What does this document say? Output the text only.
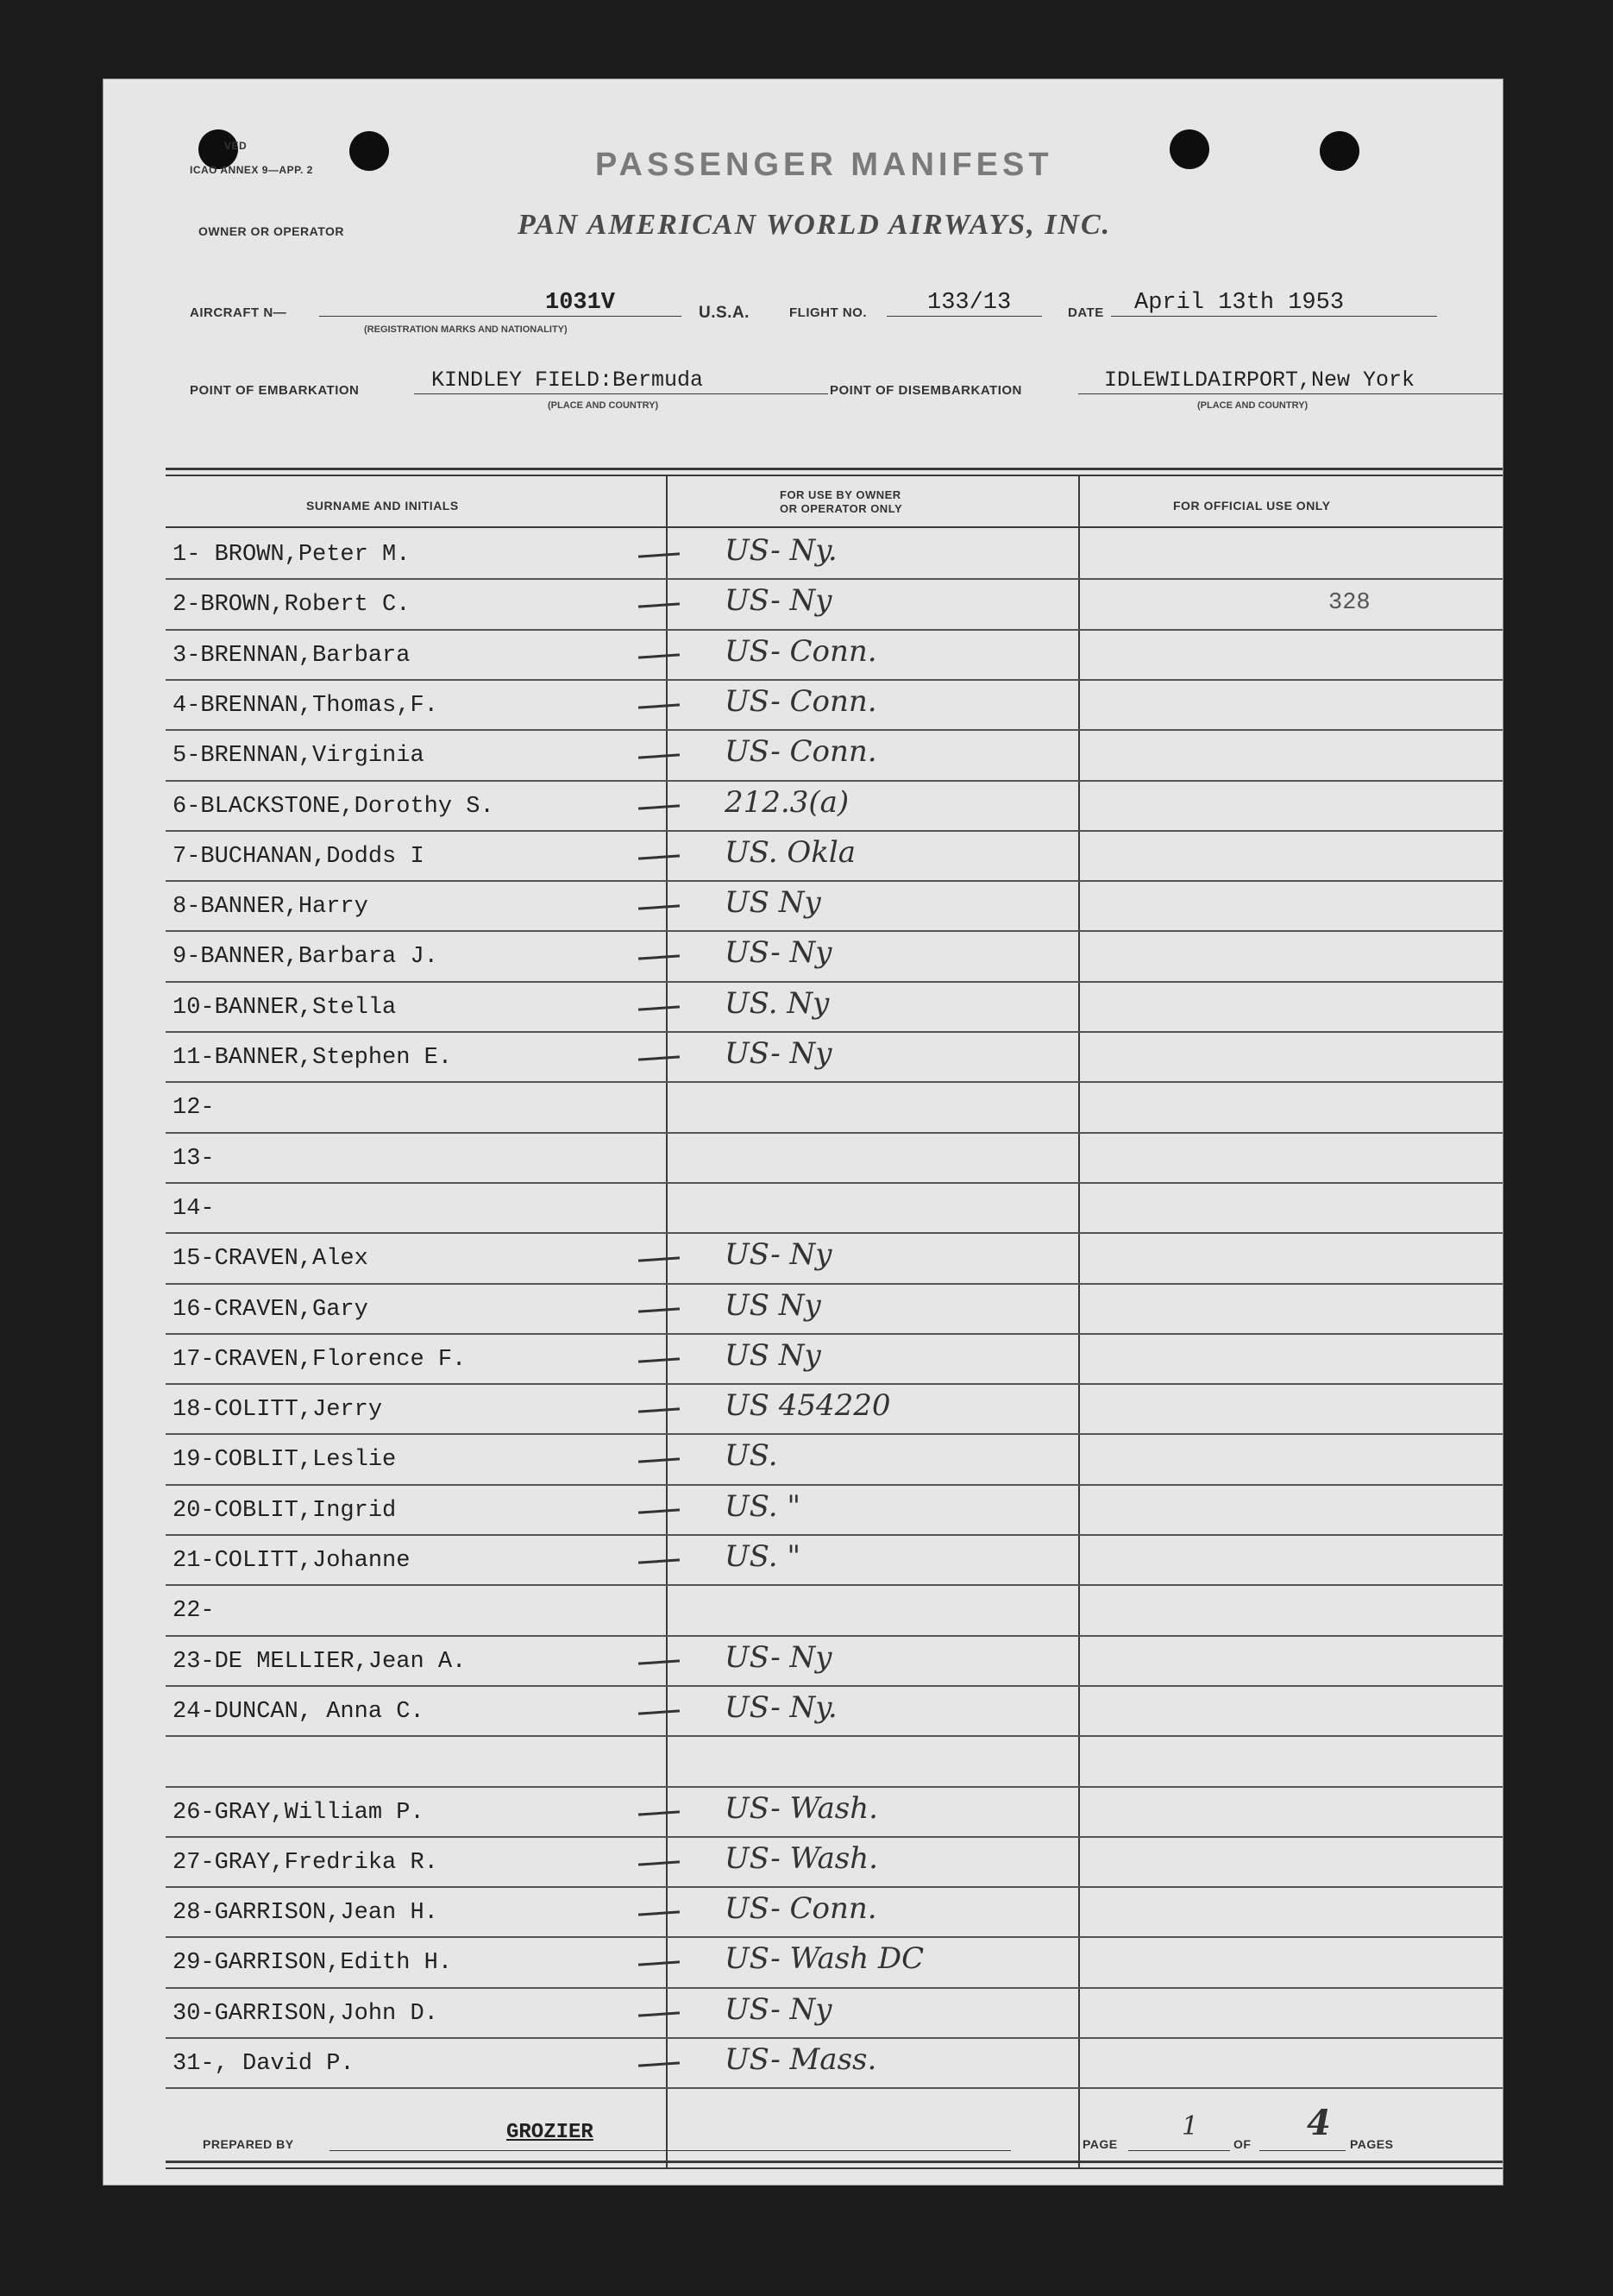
VED
ICAO ANNEX 9—APP. 2
OWNER OR OPERATOR
PASSENGER MANIFEST
PAN AMERICAN WORLD AIRWAYS, INC.
AIRCRAFT N—	1031V
(REGISTRATION MARKS AND NATIONALITY)
U.S.A.	FLIGHT NO.	133/13	DATE April 13th 1953
POINT OF EMBARKATION	KINDLEY FIELD:Bermuda
(PLACE AND COUNTRY)
POINT OF DISEMBARKATION	IDLEWILDAIRPORT,New York
(PLACE AND COUNTRY)
SURNAME AND INITIALS
FOR USE BY OWNER
OR OPERATOR ONLY	FOR OFFICIAL USE ONLY
1- BROWN,Peter M.	US- Ny.
2-BROWN,Robert C.	US- Ny	328
3-BRENNAN,Barbara	US- Conn.
4-BRENNAN,Thomas,F.	US- Conn.
5-BRENNAN,Virginia	US- Conn.
6-BLACKSTONE,Dorothy S.	212.3(a)
7-BUCHANAN,Dodds I	US. Okla
8-BANNER,Harry	US Ny
9-BANNER,Barbara J.	US- Ny
10-BANNER,Stella	US. Ny
11-BANNER,Stephen E.	US- Ny
12-
13-
14-
15-CRAVEN,Alex	US- Ny
16-CRAVEN,Gary	US Ny
17-CRAVEN,Florence F.	US Ny
18-COLITT,Jerry	US 454220
19-COBLIT,Leslie	US.
20-COBLIT,Ingrid	US. "
21-COLITT,Johanne	US. "
22-
23-DE MELLIER,Jean A.	US- Ny
24-DUNCAN, Anna C.	US- Ny.
26-GRAY,William P.	US- Wash.
27-GRAY,Fredrika R.	US- Wash.
28-GARRISON,Jean H.	US- Conn.
29-GARRISON,Edith H.	US- Wash DC
30-GARRISON,John D.	US- Ny
31-, David P.	US- Mass.
PREPARED BY	PAGE
1
OF
4
PAGES
GROZIER
